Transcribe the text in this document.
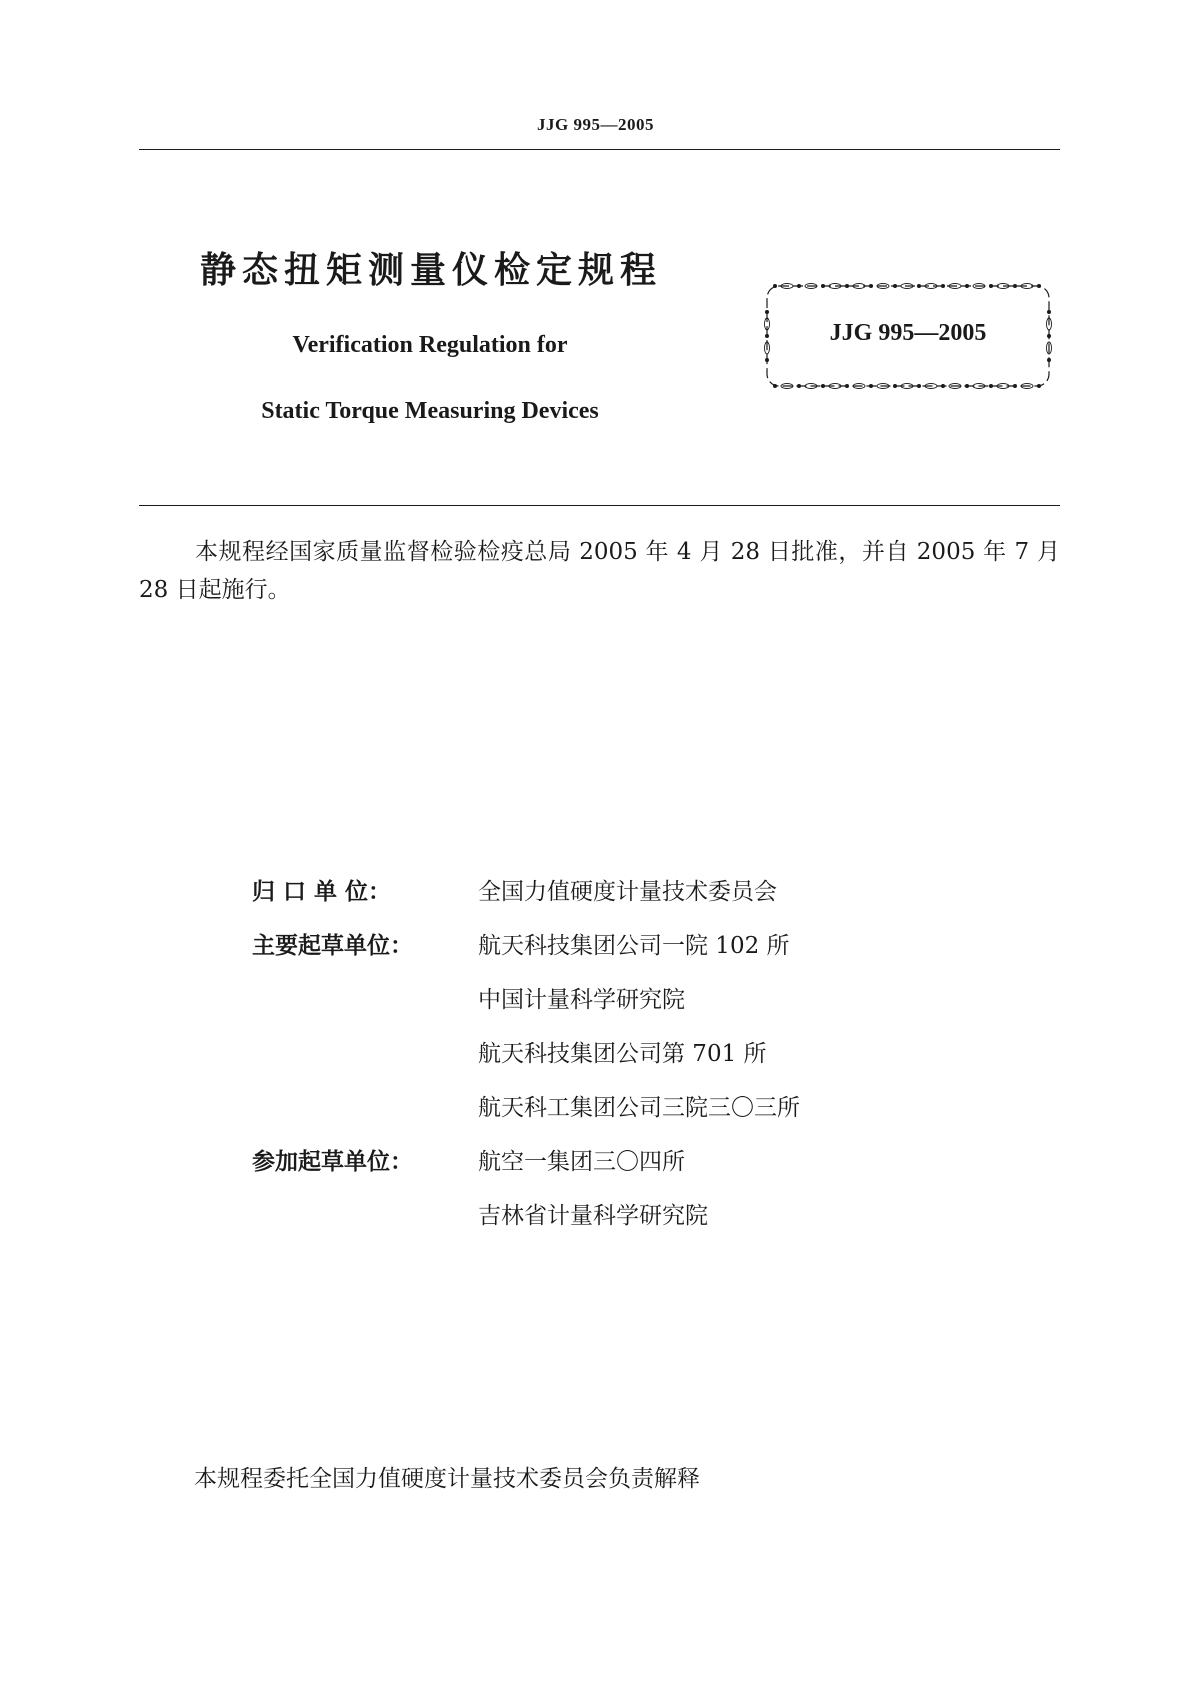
JJG 995—2005
静态扭矩测量仪检定规程
Verification Regulation for
Static Torque Measuring Devices
JJG 995—2005
本规程经国家质量监督检验检疫总局 2005 年 4 月 28 日批准，并自 2005 年 7 月 28 日起施行。
归 口 单 位：	全国力值硬度计量技术委员会
主要起草单位：	航天科技集团公司一院 102 所
中国计量科学研究院
航天科技集团公司第 701 所
航天科工集团公司三院三〇三所
参加起草单位：	航空一集团三〇四所
吉林省计量科学研究院
本规程委托全国力值硬度计量技术委员会负责解释
